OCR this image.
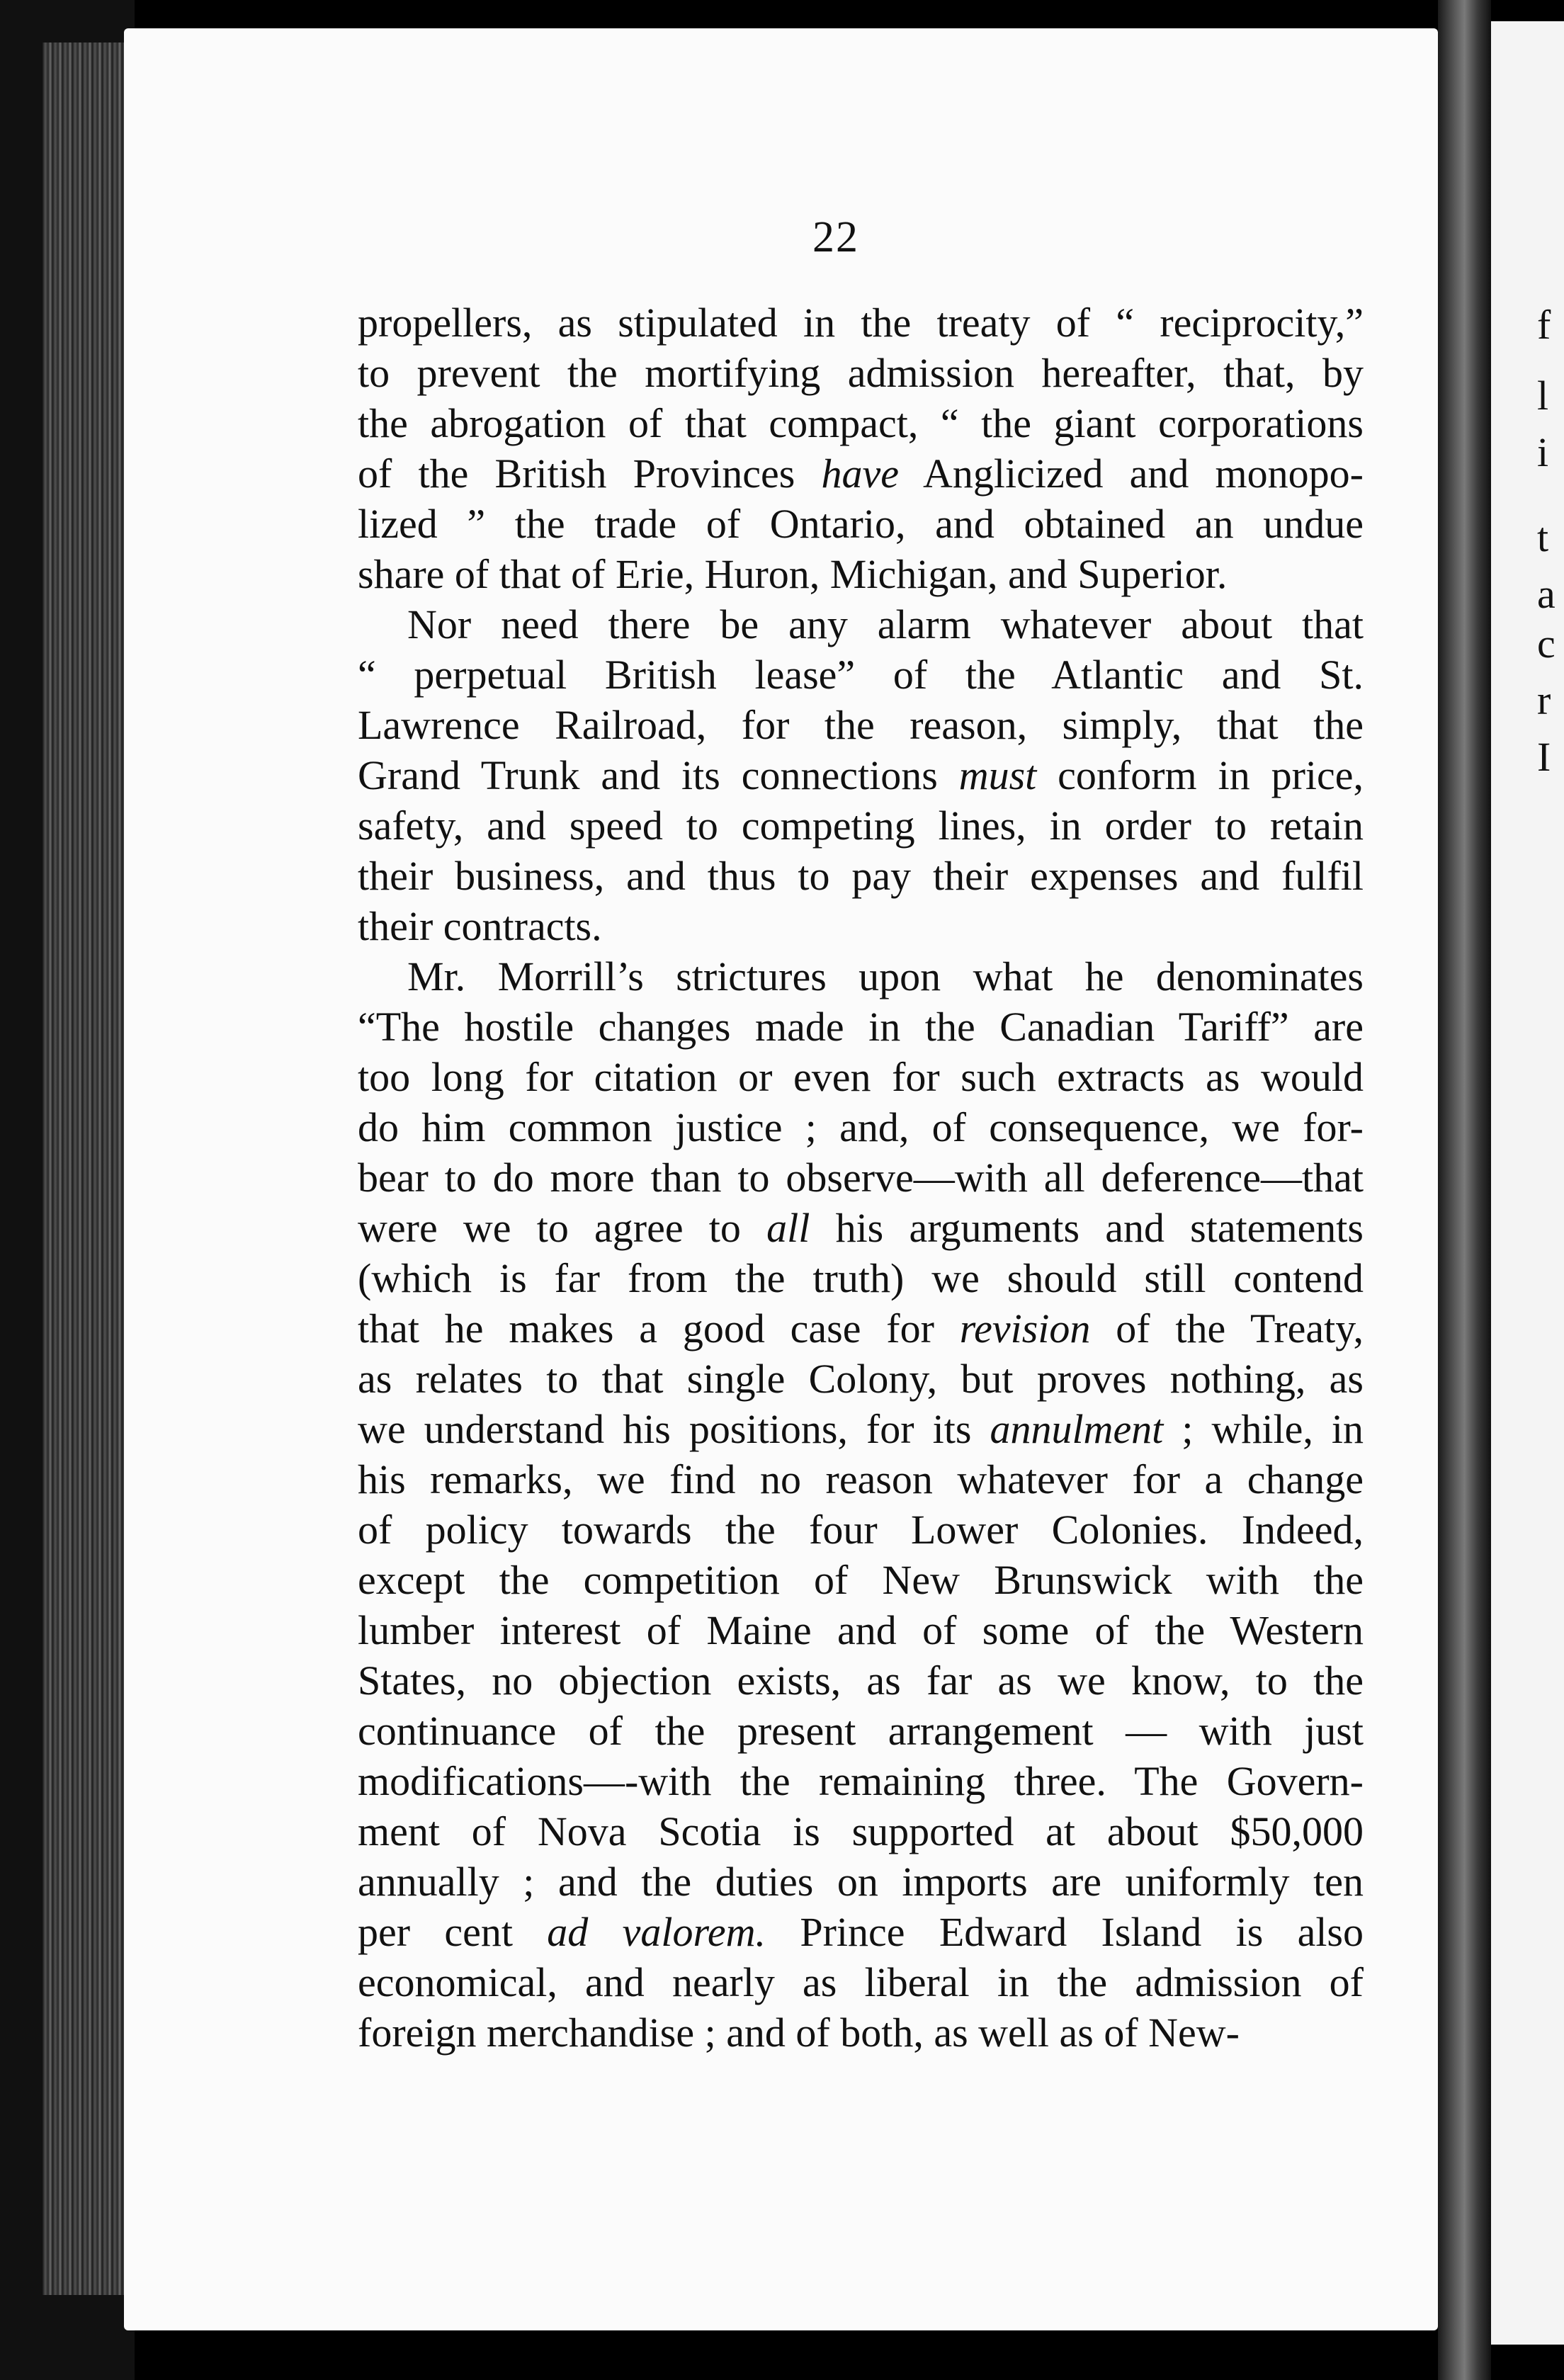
f
l
i
t
a
c
r
I
22
propellers, as stipulated in the treaty of “ reciprocity,”
to prevent the mortifying admission hereafter, that, by
the abrogation of that compact, “ the giant corporations
of the British Provinces have Anglicized and monopo-
lized ” the trade of Ontario, and obtained an undue
share of that of Erie, Huron, Michigan, and Superior.
Nor need there be any alarm whatever about that
“ perpetual British lease” of the Atlantic and St.
Lawrence Railroad, for the reason, simply, that the
Grand Trunk and its connections must conform in price,
safety, and speed to competing lines, in order to retain
their business, and thus to pay their expenses and fulfil
their contracts.
Mr. Morrill’s strictures upon what he denominates
“The hostile changes made in the Canadian Tariff” are
too long for citation or even for such extracts as would
do him common justice ; and, of consequence, we for-
bear to do more than to observe—with all deference—that
were we to agree to all his arguments and statements
(which is far from the truth) we should still contend
that he makes a good case for revision of the Treaty,
as relates to that single Colony, but proves nothing, as
we understand his positions, for its annulment ; while, in
his remarks, we find no reason whatever for a change
of policy towards the four Lower Colonies. Indeed,
except the competition of New Brunswick with the
lumber interest of Maine and of some of the Western
States, no objection exists, as far as we know, to the
continuance of the present arrangement — with just
modifications—-with the remaining three. The Govern-
ment of Nova Scotia is supported at about $50,000
annually ; and the duties on imports are uniformly ten
per cent ad valorem. Prince Edward Island is also
economical, and nearly as liberal in the admission of
foreign merchandise ; and of both, as well as of New-
